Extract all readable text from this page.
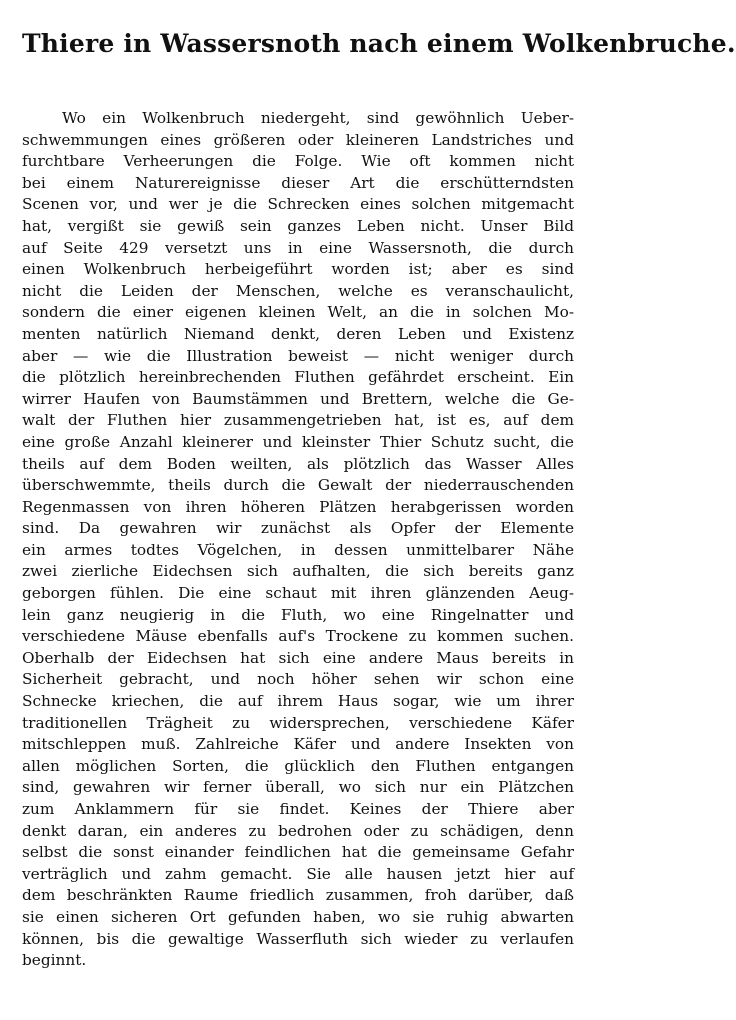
Thiere in Wassersnoth nach einem Wolkenbruche.
Wo ein Wolkenbruch niedergeht, sind gewöhnlich Ueber-
schwemmungen eines größeren oder kleineren Landstriches und
furchtbare Verheerungen die Folge. Wie oft kommen nicht
bei einem Naturereignisse dieser Art die erschütterndsten
Scenen vor, und wer je die Schrecken eines solchen mitgemacht
hat, vergißt sie gewiß sein ganzes Leben nicht. Unser Bild
auf Seite 429 versetzt uns in eine Wassersnoth, die durch
einen Wolkenbruch herbeigeführt worden ist; aber es sind
nicht die Leiden der Menschen, welche es veranschaulicht,
sondern die einer eigenen kleinen Welt, an die in solchen Mo-
menten natürlich Niemand denkt, deren Leben und Existenz
aber — wie die Illustration beweist — nicht weniger durch
die plötzlich hereinbrechenden Fluthen gefährdet erscheint. Ein
wirrer Haufen von Baumstämmen und Brettern, welche die Ge-
walt der Fluthen hier zusammengetrieben hat, ist es, auf dem
eine große Anzahl kleinerer und kleinster Thier Schutz sucht, die
theils auf dem Boden weilten, als plötzlich das Wasser Alles
überschwemmte, theils durch die Gewalt der niederrauschenden
Regenmassen von ihren höheren Plätzen herabgerissen worden
sind. Da gewahren wir zunächst als Opfer der Elemente
ein armes todtes Vögelchen, in dessen unmittelbarer Nähe
zwei zierliche Eidechsen sich aufhalten, die sich bereits ganz
geborgen fühlen. Die eine schaut mit ihren glänzenden Aeug-
lein ganz neugierig in die Fluth, wo eine Ringelnatter und
verschiedene Mäuse ebenfalls auf's Trockene zu kommen suchen.
Oberhalb der Eidechsen hat sich eine andere Maus bereits in
Sicherheit gebracht, und noch höher sehen wir schon eine
Schnecke kriechen, die auf ihrem Haus sogar, wie um ihrer
traditionellen Trägheit zu widersprechen, verschiedene Käfer
mitschleppen muß. Zahlreiche Käfer und andere Insekten von
allen möglichen Sorten, die glücklich den Fluthen entgangen
sind, gewahren wir ferner überall, wo sich nur ein Plätzchen
zum Anklammern für sie findet. Keines der Thiere aber
denkt daran, ein anderes zu bedrohen oder zu schädigen, denn
selbst die sonst einander feindlichen hat die gemeinsame Gefahr
verträglich und zahm gemacht. Sie alle hausen jetzt hier auf
dem beschränkten Raume friedlich zusammen, froh darüber, daß
sie einen sicheren Ort gefunden haben, wo sie ruhig abwarten
können, bis die gewaltige Wasserfluth sich wieder zu verlaufen
beginnt.
